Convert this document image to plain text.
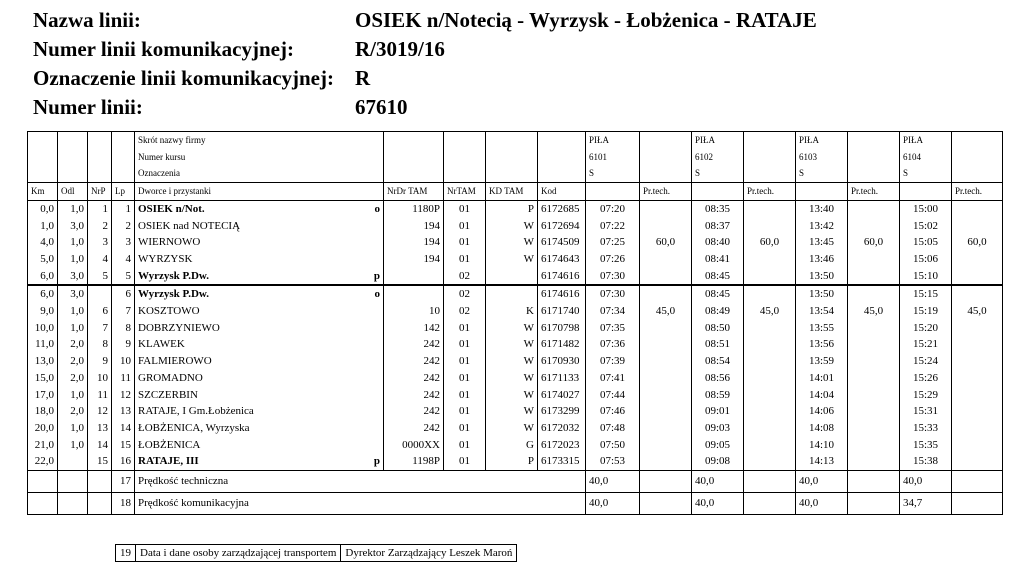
Nazwa linii:	OSIEK n/Notecią - Wyrzysk - Łobżenica - RATAJE
Numer linii komunikacyjnej:	R/3019/16
Oznaczenie linii komunikacyjnej: R
Numer linii:	67610
				Skrót nazwy firmy					PIŁA		PIŁA		PIŁA		PIŁA	
				Numer kursu					6101		6102		6103		6104	
				Oznaczenia					S		S		S		S	
Km	Odl	NrP	Lp	Dworce i przystanki	NrDr TAM	NrTAM	KD TAM	Kod		Pr.tech.		Pr.tech.		Pr.tech.		Pr.tech.
0,0	1,0	1	1	OSIEK n/Not. o	1180P	01	P	6172685	07:20		08:35		13:40		15:00	
1,0	3,0	2	2	OSIEK nad NOTECIĄ	194	01	W	6172694	07:22		08:37		13:42		15:02	
4,0	1,0	3	3	WIERNOWO	194	01	W	6174509	07:25	60,0	08:40	60,0	13:45	60,0	15:05	60,0
5,0	1,0	4	4	WYRZYSK	194	01	W	6174643	07:26		08:41		13:46		15:06	
6,0	3,0	5	5	Wyrzysk P.Dw. p		02		6174616	07:30		08:45		13:50		15:10	
6,0	3,0		6	Wyrzysk P.Dw. o		02		6174616	07:30		08:45		13:50		15:15	
9,0	1,0	6	7	KOSZTOWO	10	02	K	6171740	07:34	45,0	08:49	45,0	13:54	45,0	15:19	45,0
10,0	1,0	7	8	DOBRZYNIEWO	142	01	W	6170798	07:35		08:50		13:55		15:20	
11,0	2,0	8	9	KLAWEK	242	01	W	6171482	07:36		08:51		13:56		15:21	
13,0	2,0	9	10	FALMIEROWO	242	01	W	6170930	07:39		08:54		13:59		15:24	
15,0	2,0	10	11	GROMADNO	242	01	W	6171133	07:41		08:56		14:01		15:26	
17,0	1,0	11	12	SZCZERBIN	242	01	W	6174027	07:44		08:59		14:04		15:29	
18,0	2,0	12	13	RATAJE, I Gm.Łobżenica	242	01	W	6173299	07:46		09:01		14:06		15:31	
20,0	1,0	13	14	ŁOBŻENICA, Wyrzyska	242	01	W	6172032	07:48		09:03		14:08		15:33	
21,0	1,0	14	15	ŁOBŻENICA	0000XX	01	G	6172023	07:50		09:05		14:10		15:35	
22,0		15	16	RATAJE, III p	1198P	01	P	6173315	07:53		09:08		14:13		15:38	
			17	Prędkość techniczna					40,0		40,0		40,0		40,0	
			18	Prędkość komunikacyjna					40,0		40,0		40,0		34,7	
19	Data i dane osoby zarządzającej transportem	Dyrektor Zarządzający Leszek Maroń
